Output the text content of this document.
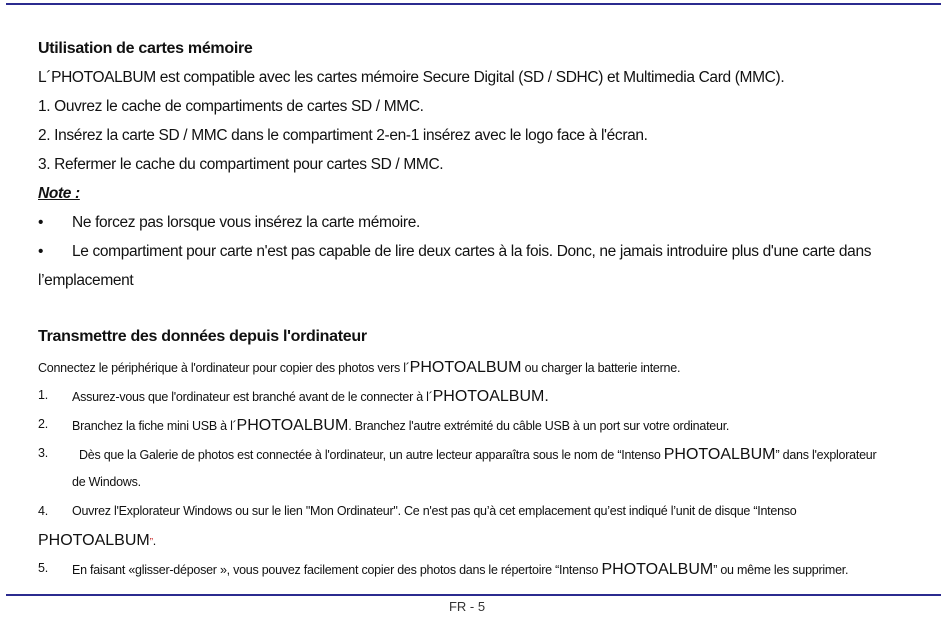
Utilisation de cartes mémoire
L´PHOTOALBUM est compatible avec les cartes mémoire Secure Digital (SD / SDHC) et Multimedia Card (MMC).
1. Ouvrez le cache de compartiments de cartes SD / MMC.
2. Insérez la carte SD / MMC dans le compartiment 2-en-1 insérez avec le logo face à l'écran.
3. Refermer le cache du compartiment pour cartes SD / MMC.
Note :
• Ne forcez pas lorsque vous insérez la carte mémoire.
• Le compartiment pour carte n'est pas capable de lire deux cartes à la fois. Donc, ne jamais introduire plus d'une carte dans
l’emplacement
Transmettre des données depuis l'ordinateur
Connectez le périphérique à l'ordinateur pour copier des photos vers l´PHOTOALBUM ou charger la batterie interne.
1. Assurez-vous que l'ordinateur est branché avant de le connecter à l´PHOTOALBUM.
2. Branchez la fiche mini USB à l´PHOTOALBUM. Branchez l'autre extrémité du câble USB à un port sur votre ordinateur.
3. Dès que la Galerie de photos est connectée à l'ordinateur, un autre lecteur apparaîtra sous le nom de “Intenso PHOTOALBUM” dans l'explorateur
de Windows.
4. Ouvrez l'Explorateur Windows ou sur le lien "Mon Ordinateur". Ce n'est pas qu’à cet emplacement qu’est indiqué l’unit de disque “Intenso
PHOTOALBUM”.
5. En faisant «glisser-déposer », vous pouvez facilement copier des photos dans le répertoire “Intenso PHOTOALBUM” ou même les supprimer.
FR - 5
